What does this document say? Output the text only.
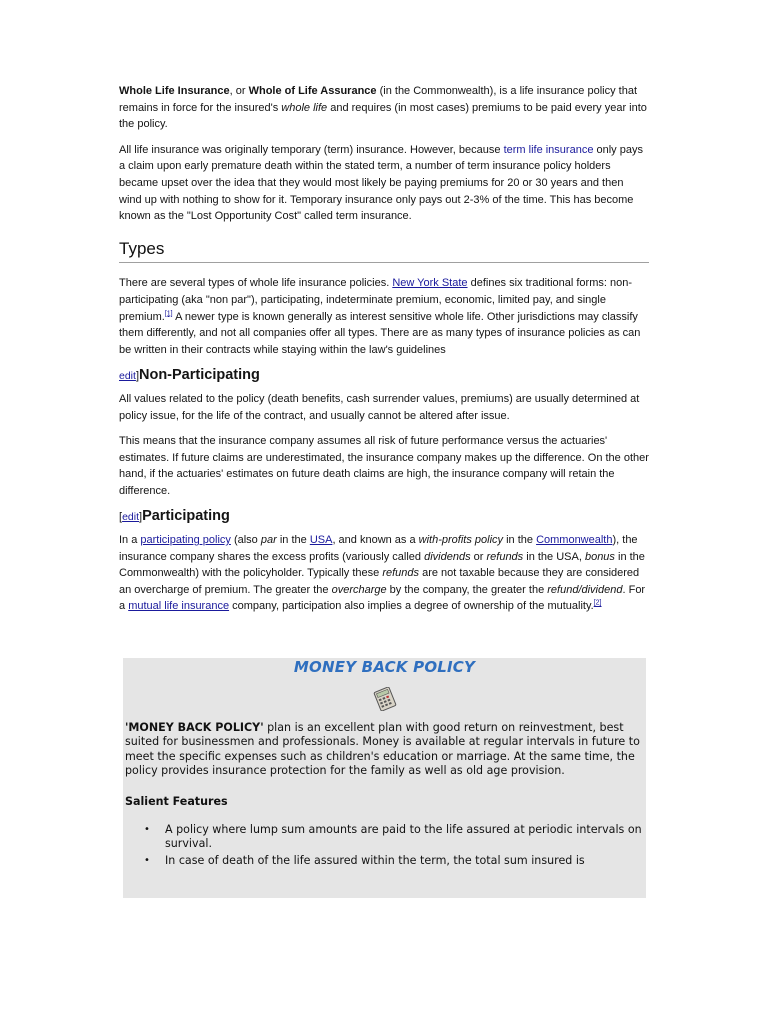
Whole Life Insurance, or Whole of Life Assurance (in the Commonwealth), is a life insurance policy that remains in force for the insured's whole life and requires (in most cases) premiums to be paid every year into the policy.

All life insurance was originally temporary (term) insurance. However, because term life insurance only pays a claim upon early premature death within the stated term, a number of term insurance policy holders became upset over the idea that they would most likely be paying premiums for 20 or 30 years and then wind up with nothing to show for it. Temporary insurance only pays out 2-3% of the time. This has become known as the "Lost Opportunity Cost" called term insurance.

Types

There are several types of whole life insurance policies. New York State defines six traditional forms: non-participating (aka "non par"), participating, indeterminate premium, economic, limited pay, and single premium.[1] A newer type is known generally as interest sensitive whole life. Other jurisdictions may classify them differently, and not all companies offer all types. There are as many types of insurance policies as can be written in their contracts while staying within the law's guidelines

edit]Non-Participating

All values related to the policy (death benefits, cash surrender values, premiums) are usually determined at policy issue, for the life of the contract, and usually cannot be altered after issue.

This means that the insurance company assumes all risk of future performance versus the actuaries' estimates. If future claims are underestimated, the insurance company makes up the difference. On the other hand, if the actuaries' estimates on future death claims are high, the insurance company will retain the difference.

[edit]Participating

In a participating policy (also par in the USA, and known as a with-profits policy in the Commonwealth), the insurance company shares the excess profits (variously called dividends or refunds in the USA, bonus in the Commonwealth) with the policyholder. Typically these refunds are not taxable because they are considered an overcharge of premium. The greater the overcharge by the company, the greater the refund/dividend. For a mutual life insurance company, participation also implies a degree of ownership of the mutuality.[2]

MONEY BACK POLICY

'MONEY BACK POLICY' plan is an excellent plan with good return on reinvestment, best suited for businessmen and professionals. Money is available at regular intervals in future to meet the specific expenses such as children's education or marriage. At the same time, the policy provides insurance protection for the family as well as old age provision.

Salient Features
• A policy where lump sum amounts are paid to the life assured at periodic intervals on survival.
• In case of death of the life assured within the term, the total sum insured is
